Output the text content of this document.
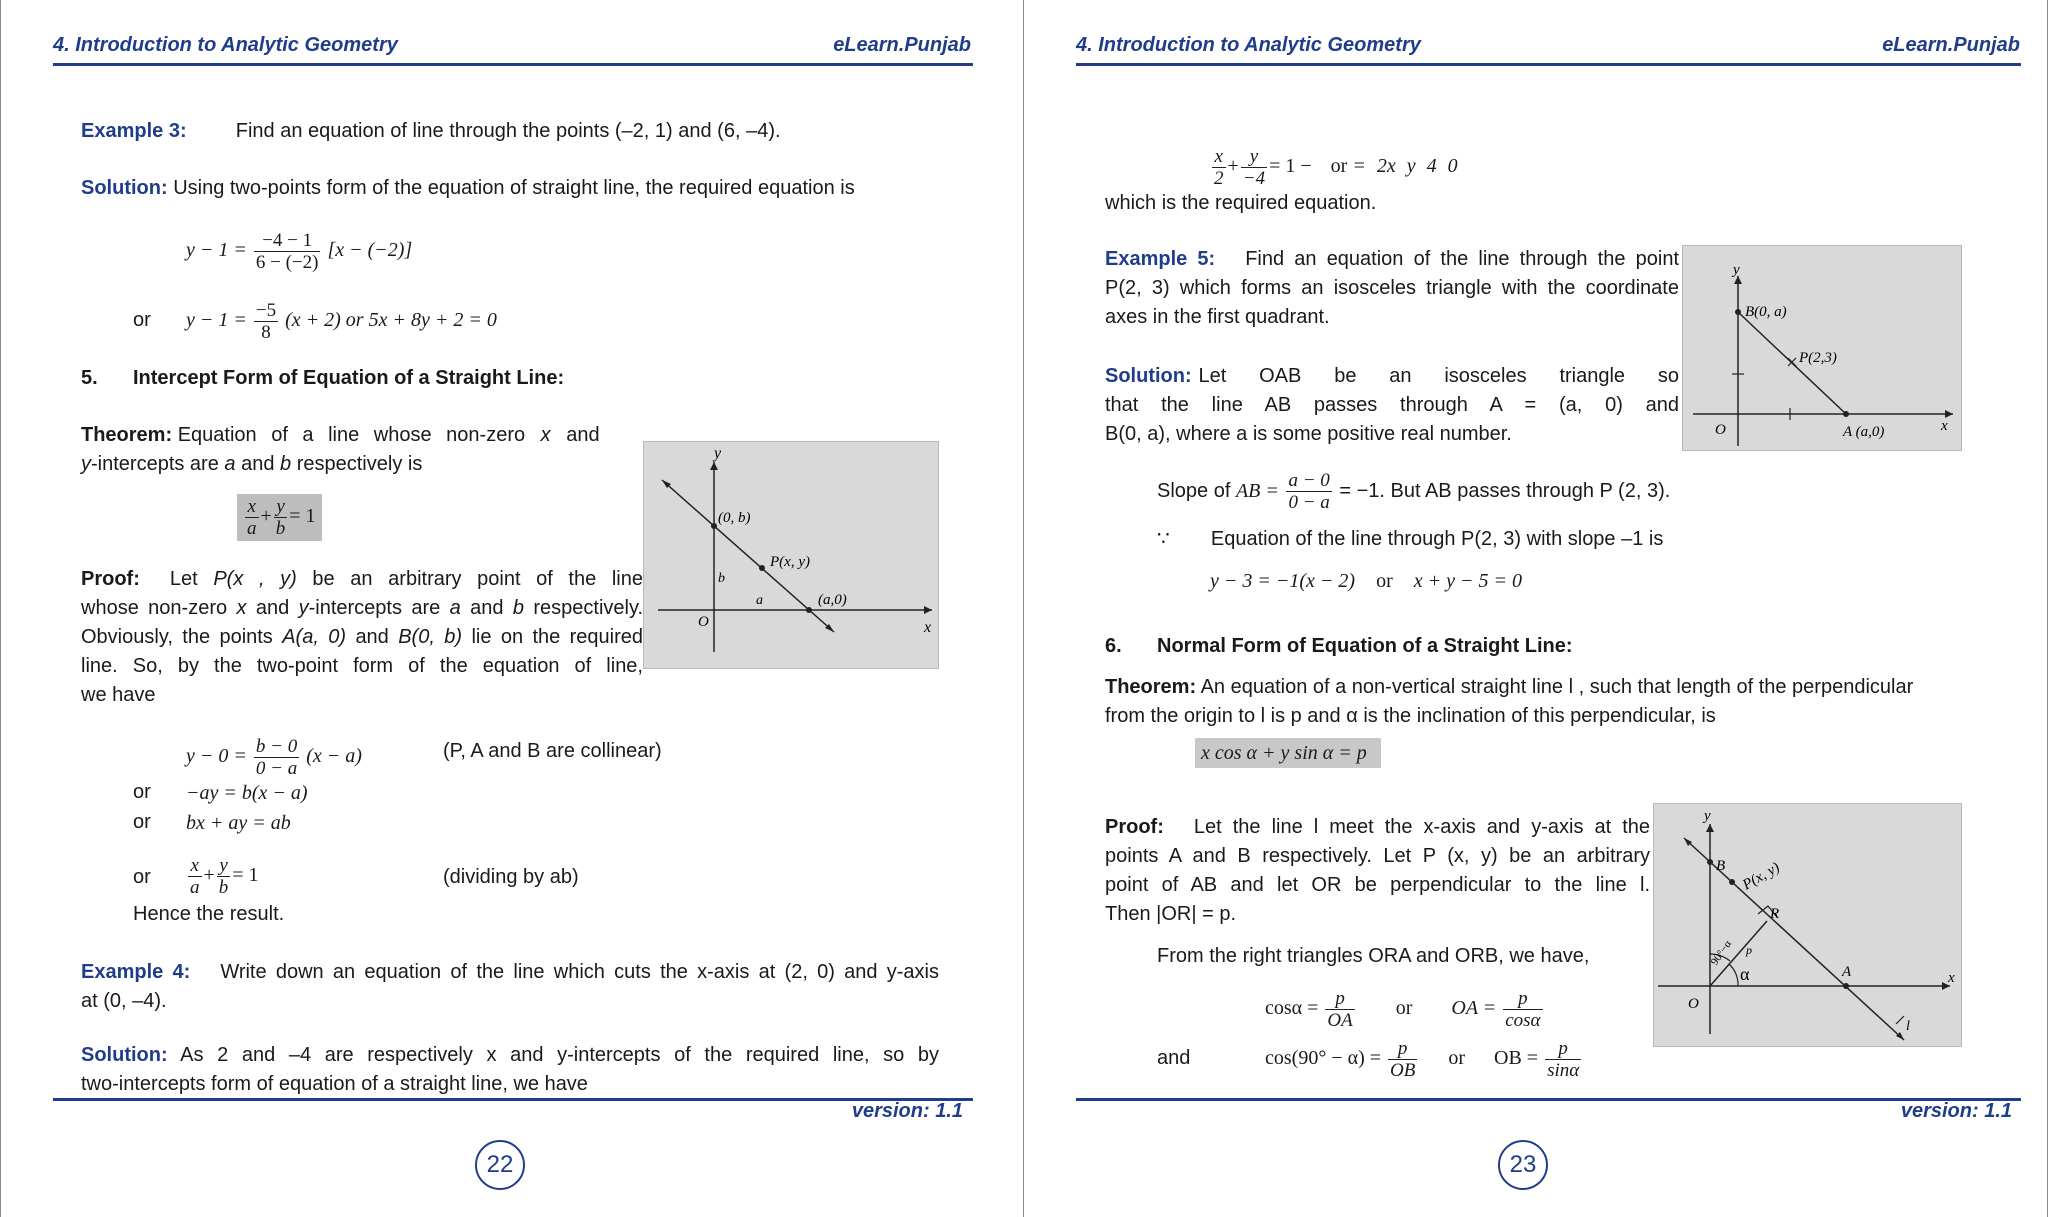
4. Introduction to Analytic Geometry	eLearn.Punjab
Example 3: Find an equation of line through the points (–2, 1) and (6, –4).
Solution: Using two-points form of the equation of straight line, the required equation is
$y - 1 = \frac{-4 - 1}{6 - (-2)} [x - (-2)]$
or $y - 1 = \frac{-5}{8} (x + 2)$ or 5x + 8y + 2 = 0
5. Intercept Form of Equation of a Straight Line:
Theorem: Equation of a line whose non-zero x and
y-intercepts are a and b respectively is
$\frac{x}{a} + \frac{y}{b} = 1$
y
x
O
(0, b)
P(x, y)
(a,0)
b
a
Proof: Let P(x , y) be an arbitrary point of the line
whose non-zero x and y-intercepts are a and b respectively.
Obviously, the points A(a, 0) and B(0, b) lie on the required
line. So, by the two-point form of the equation of line,
we have
$y - 0 = \frac{b - 0}{0 - a} (x - a)$	(P, A and B are collinear)
or −ay = b(x − a)
or bx + ay = ab
or $\frac{x}{a} + \frac{y}{b} = 1$	(dividing by ab)
Hence the result.
Example 4: Write down an equation of the line which cuts the x-axis at (2, 0) and y-axis
at (0, –4).
Solution: As 2 and –4 are respectively x and y-intercepts of the required line, so by
two-intercepts form of equation of a straight line, we have
version: 1.1
22
4. Introduction to Analytic Geometry	eLearn.Punjab
$\frac{x}{2} + \frac{y}{-4} = 1$ − or = 2x y 4 0
which is the required equation.
y
x
O
B(0, a)
P(2,3)
A (a,0)
Example 5: Find an equation of the line through the point
P(2, 3) which forms an isosceles triangle with the coordinate
axes in the first quadrant.
Solution: Let OAB be an isosceles triangle so
that the line AB passes through A = (a, 0) and
B(0, a), where a is some positive real number.
Slope of AB = $\frac{a - 0}{0 - a} = -1$. But AB passes through P (2, 3).
∵ Equation of the line through P(2, 3) with slope –1 is
y − 3 = −1(x − 2) or x + y − 5 = 0
6. Normal Form of Equation of a Straight Line:
Theorem: An equation of a non-vertical straight line l , such that length of the perpendicular
from the origin to l is p and α is the inclination of this perpendicular, is
x cos α + y sin α = p
y
x
O
B P(x, y)
R
A
α
90°−α p
l
Proof: Let the line l meet the x-axis and y-axis at the
points A and B respectively. Let P (x, y) be an arbitrary
point of AB and let OR be perpendicular to the line l.
Then |OR| = p.
From the right triangles ORA and ORB, we have,
$\cos\alpha = \frac{p}{OA}$ or OA = $\frac{p}{\cos\alpha}$
and	$\cos(90^\circ - \alpha) = \frac{p}{OB}$ or OB = $\frac{p}{\sin\alpha}$
version: 1.1
23
